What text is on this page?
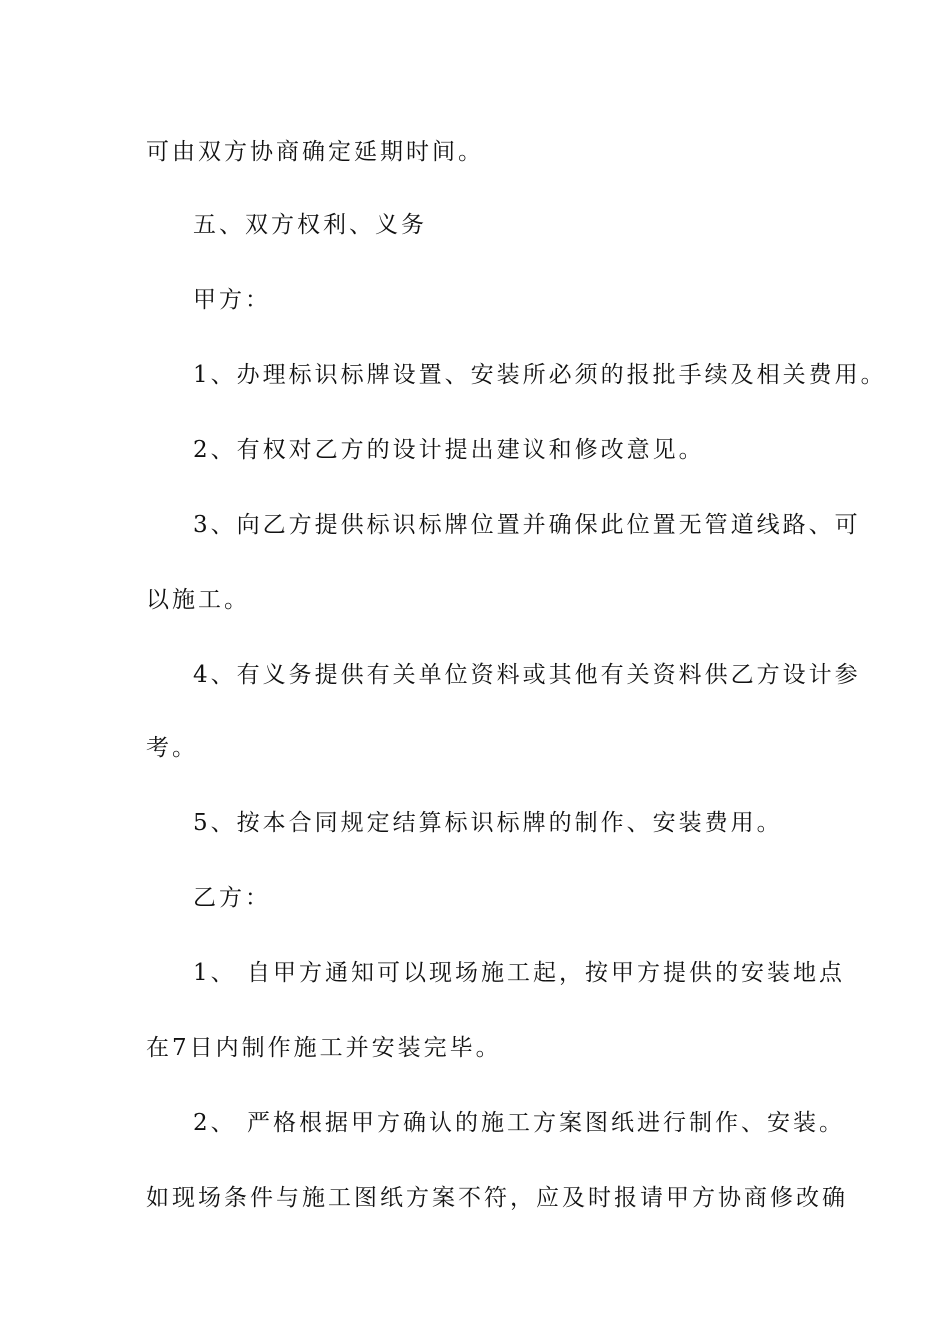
可由双方协商确定延期时间。
五、双方权利、义务
甲方：
1、办理标识标牌设置、安装所必须的报批手续及相关费用。
2、有权对乙方的设计提出建议和修改意见。
3、向乙方提供标识标牌位置并确保此位置无管道线路、可
以施工。
4、有义务提供有关单位资料或其他有关资料供乙方设计参
考。
5、按本合同规定结算标识标牌的制作、安装费用。
乙方：
1、 自甲方通知可以现场施工起，按甲方提供的安装地点
在7日内制作施工并安装完毕。
2、 严格根据甲方确认的施工方案图纸进行制作、安装。
如现场条件与施工图纸方案不符，应及时报请甲方协商修改确
